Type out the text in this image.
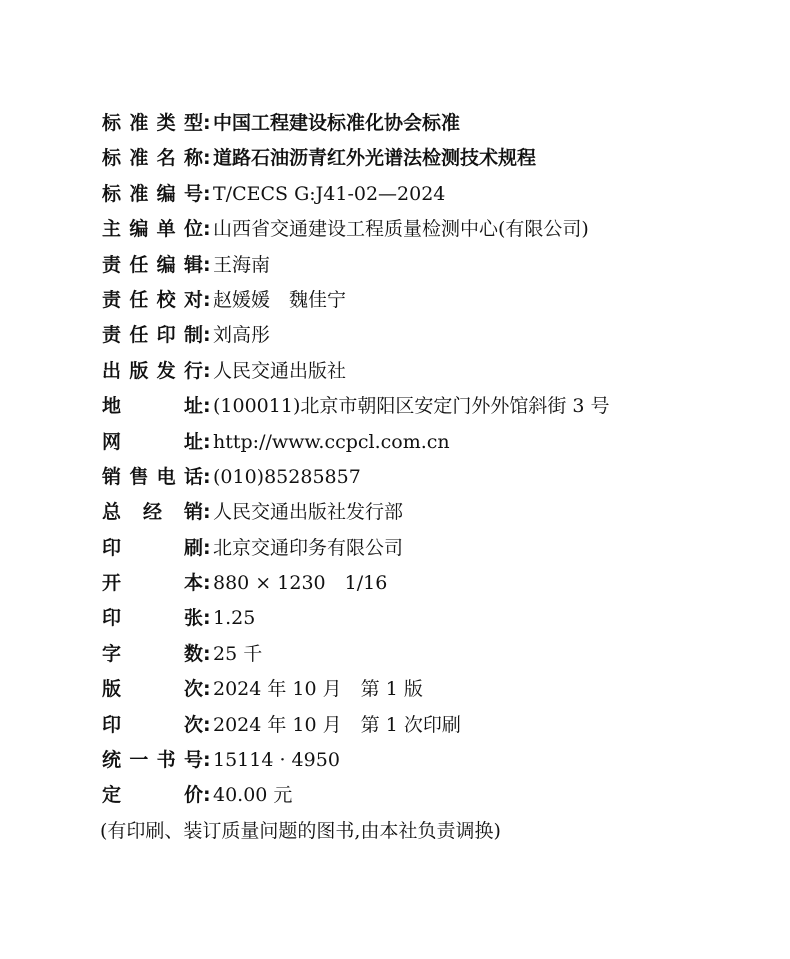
标 准 类 型 : 中国工程建设标准化协会标准
标 准 名 称 : 道路石油沥青红外光谱法检测技术规程
标 准 编 号 : T/CECS G:J41-02—2024
主 编 单 位 : 山西省交通建设工程质量检测中心(有限公司)
责 任 编 辑 : 王海南
责 任 校 对 : 赵媛媛　魏佳宁
责 任 印 制 : 刘高彤
出 版 发 行 : 人民交通出版社
地	址 : (100011)北京市朝阳区安定门外外馆斜街 3 号
网	址 : http://www.ccpcl.com.cn
销 售 电 话 : (010)85285857
总 经 销 : 人民交通出版社发行部
印	刷 : 北京交通印务有限公司
开	本 : 880 × 1230　1/16
印	张 : 1.25
字	数 : 25 千
版	次 : 2024 年 10 月　第 1 版
印	次 : 2024 年 10 月　第 1 次印刷
统 一 书 号 : 15114 · 4950
定	价 : 40.00 元
(有印刷、装订质量问题的图书,由本社负责调换)
